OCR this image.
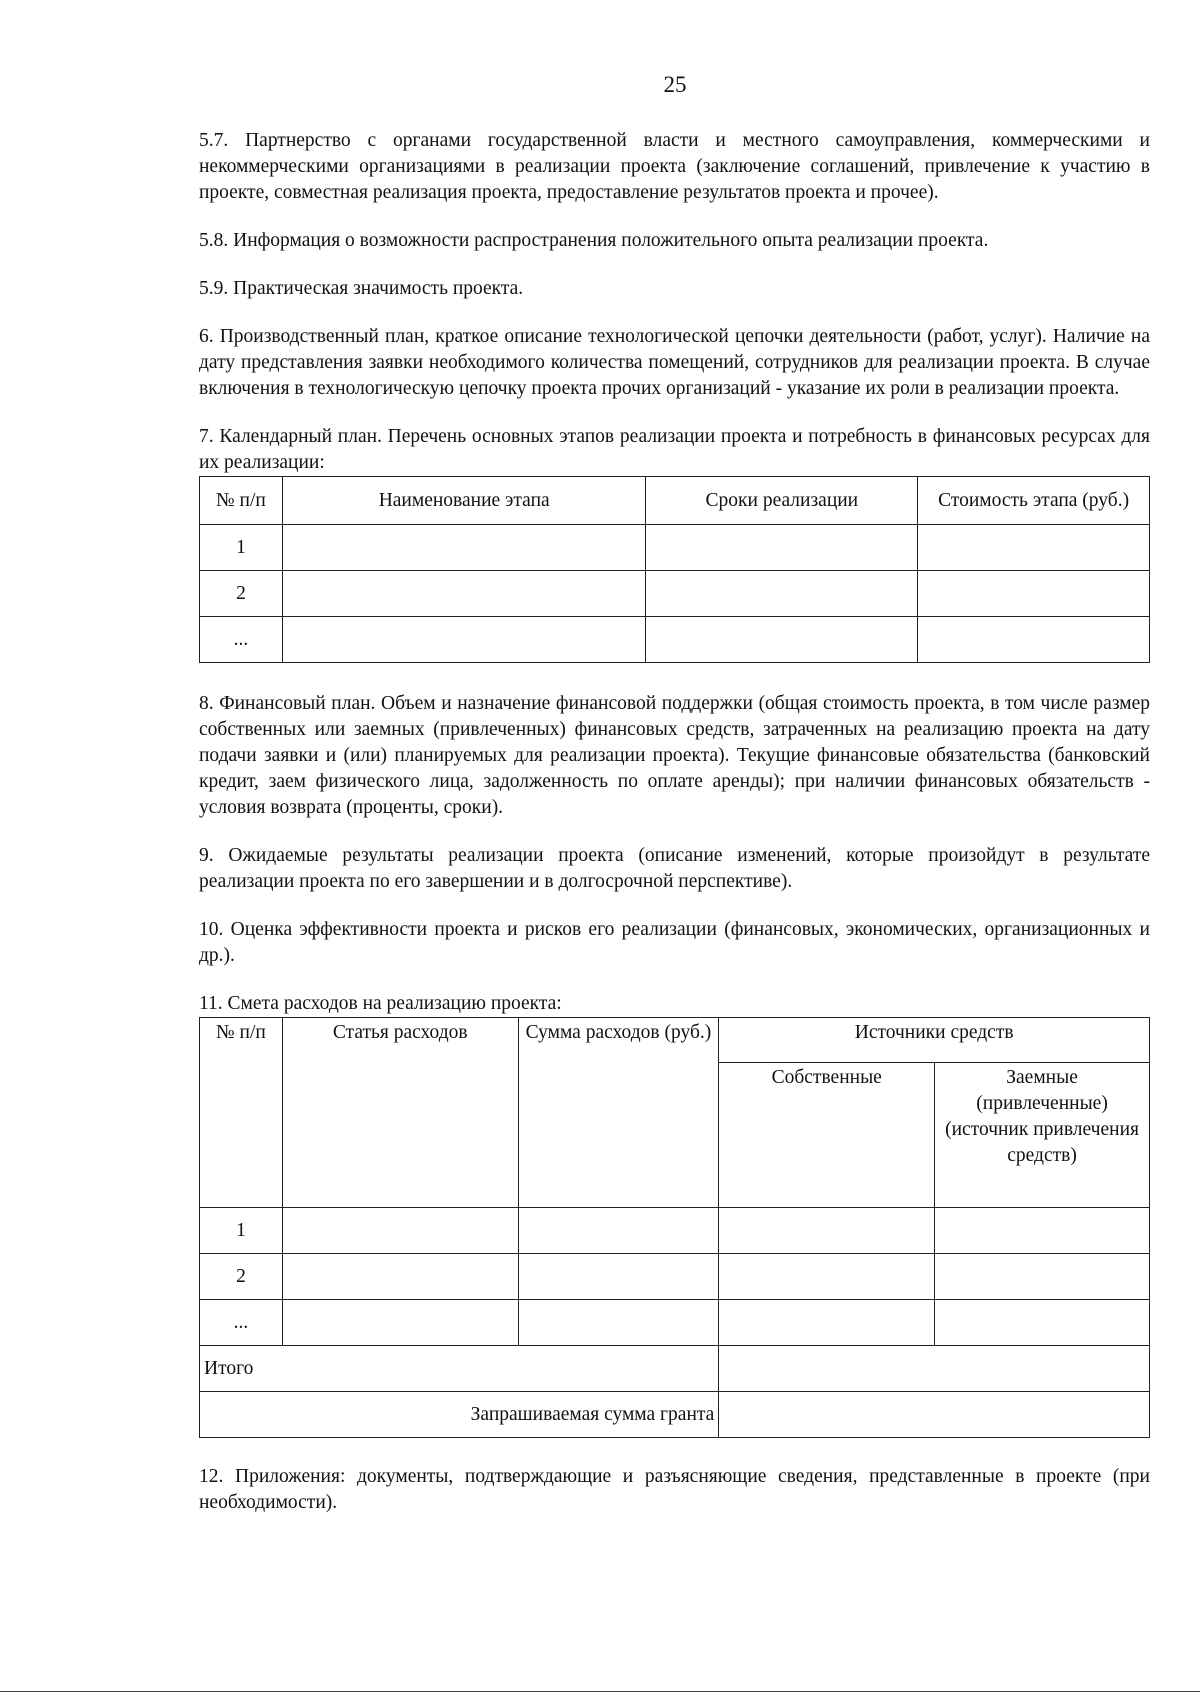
25

5.7. Партнерство с органами государственной власти и местного самоуправления, коммерческими и некоммерческими организациями в реализации проекта (заключение соглашений, привлечение к участию в проекте, совместная реализация проекта, предоставление результатов проекта и прочее).

5.8. Информация о возможности распространения положительного опыта реализации проекта.

5.9. Практическая значимость проекта.

6. Производственный план, краткое описание технологической цепочки деятельности (работ, услуг). Наличие на дату представления заявки необходимого количества помещений, сотрудников для реализации проекта. В случае включения в технологическую цепочку проекта прочих организаций - указание их роли в реализации проекта.

7. Календарный план. Перечень основных этапов реализации проекта и потребность в финансовых ресурсах для их реализации:

№ п/п	Наименование этапа	Сроки реализации	Стоимость этапа (руб.)
1			
2			
...			

8. Финансовый план. Объем и назначение финансовой поддержки (общая стоимость проекта, в том числе размер собственных или заемных (привлеченных) финансовых средств, затраченных на реализацию проекта на дату подачи заявки и (или) планируемых для реализации проекта). Текущие финансовые обязательства (банковский кредит, заем физического лица, задолженность по оплате аренды); при наличии финансовых обязательств - условия возврата (проценты, сроки).

9. Ожидаемые результаты реализации проекта (описание изменений, которые произойдут в результате реализации проекта по его завершении и в долгосрочной перспективе).

10. Оценка эффективности проекта и рисков его реализации (финансовых, экономических, организационных и др.).

11. Смета расходов на реализацию проекта:

№ п/п	Статья расходов	Сумма расходов (руб.)	Источники средств	
			Собственные	Заемные (привлеченные) (источник привлечения средств)
1				
2				
...				
Итого				
Запрашиваемая сумма гранта				

12. Приложения: документы, подтверждающие и разъясняющие сведения, представленные в проекте (при необходимости).
